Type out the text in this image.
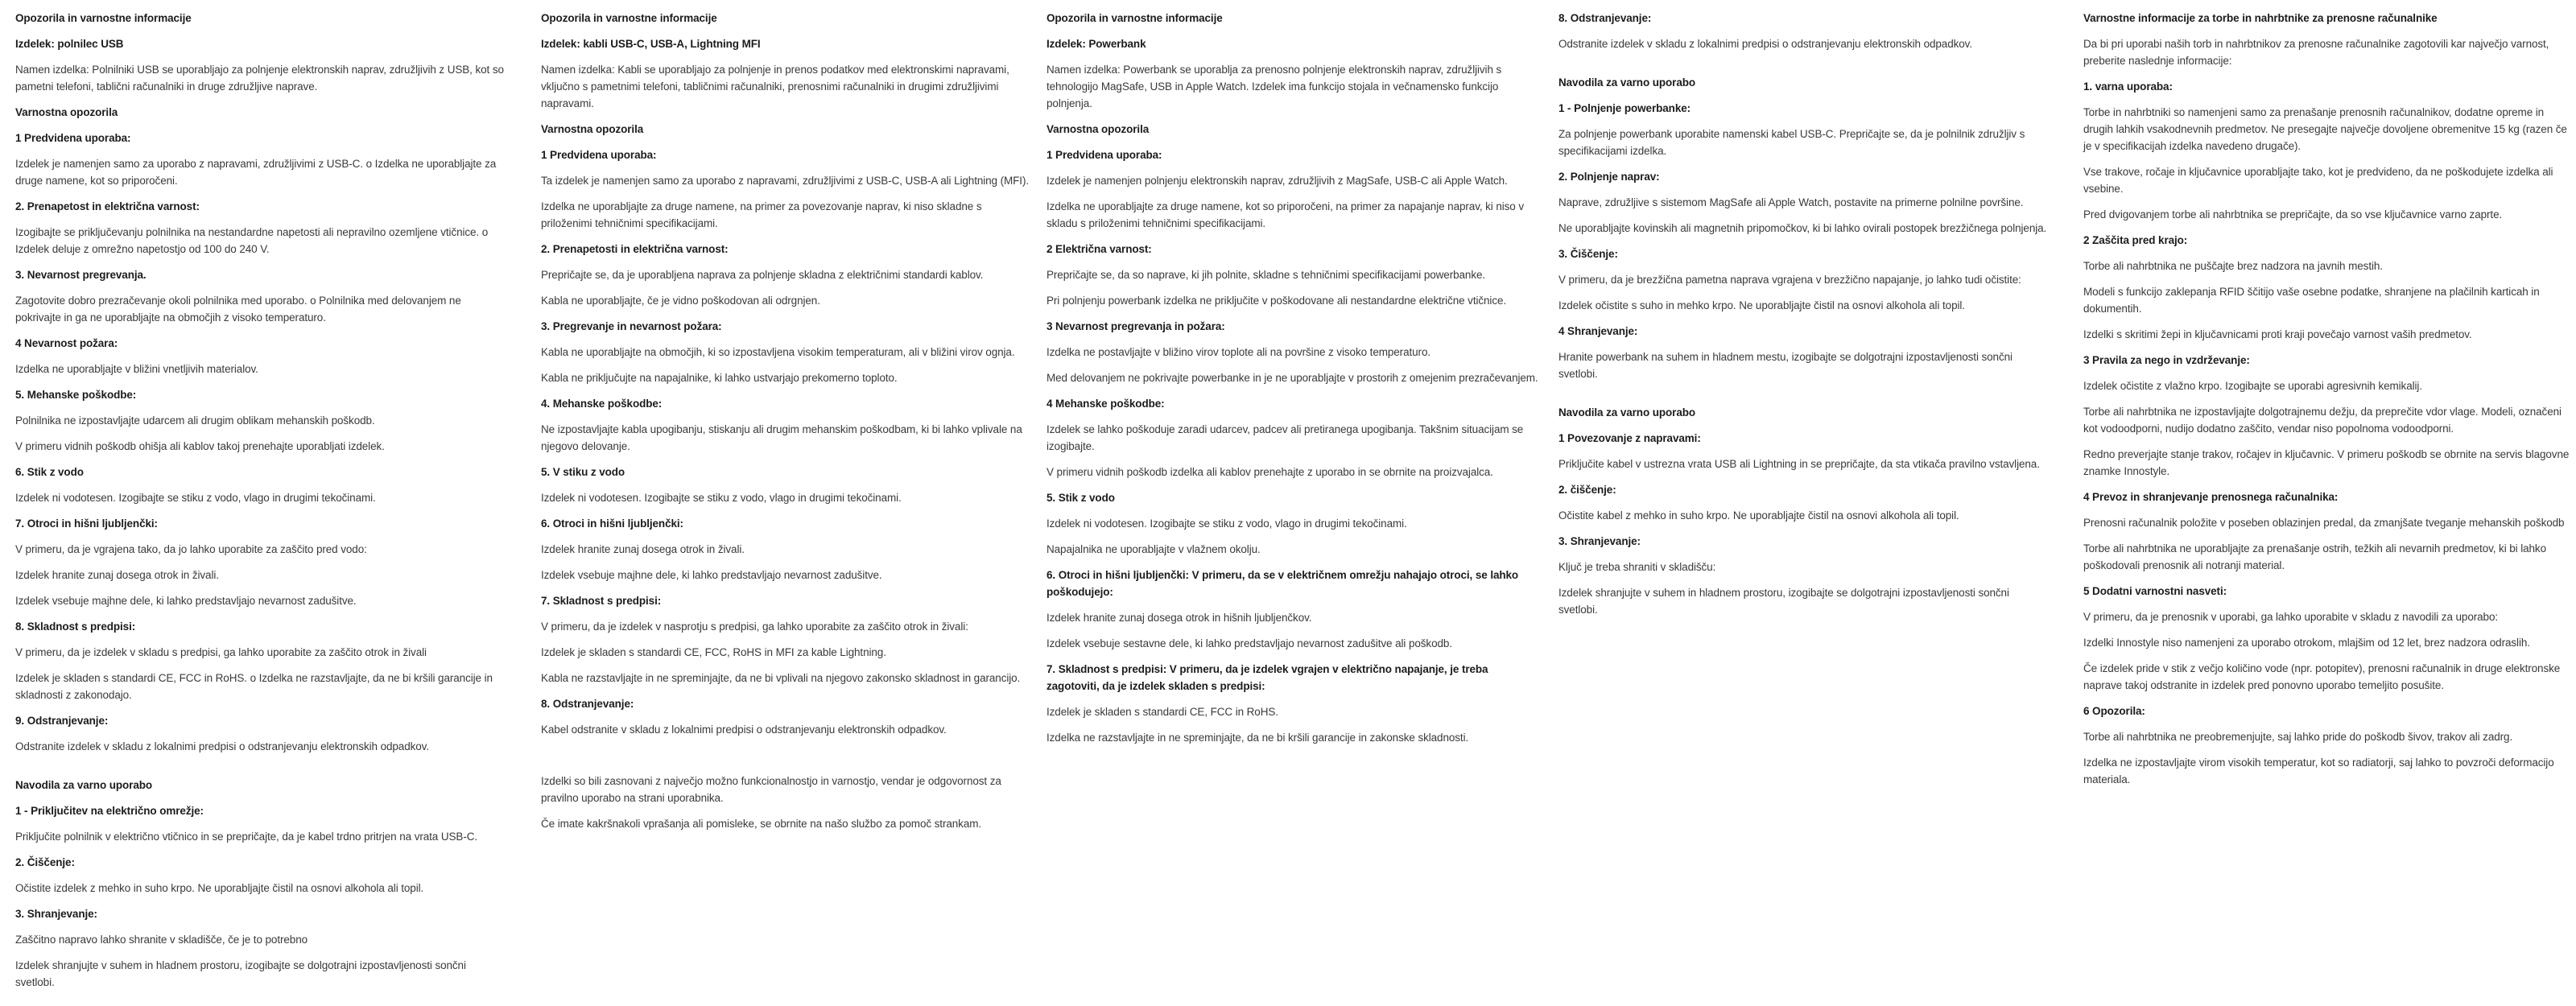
Opozorila in varnostne informacije
Izdelek: polnilec USB

Namen izdelka: Polnilniki USB se uporabljajo za polnjenje elektronskih naprav, združljivih z USB, kot so pametni telefoni, tablični računalniki in druge združljive naprave.

Varnostna opozorila
1 Predvidena uporaba:

Izdelek je namenjen samo za uporabo z napravami, združljivimi z USB-C. o Izdelka ne uporabljajte za druge namene, kot so priporočeni.

2. Prenapetost in električna varnost:

Izogibajte se priključevanju polnilnika na nestandardne napetosti ali nepravilno ozemljene vtičnice. o Izdelek deluje z omrežno napetostjo od 100 do 240 V.

3. Nevarnost pregrevanja.

Zagotovite dobro prezračevanje okoli polnilnika med uporabo. o Polnilnika med delovanjem ne pokrivajte in ga ne uporabljajte na območjih z visoko temperaturo.

4 Nevarnost požara:

Izdelka ne uporabljajte v bližini vnetljivih materialov.

5. Mehanske poškodbe:

Polnilnika ne izpostavljajte udarcem ali drugim oblikam mehanskih poškodb.

V primeru vidnih poškodb ohišja ali kablov takoj prenehajte uporabljati izdelek.

6. Stik z vodo

Izdelek ni vodotesen. Izogibajte se stiku z vodo, vlago in drugimi tekočinami.

7. Otroci in hišni ljubljenčki:

V primeru, da je vgrajena tako, da jo lahko uporabite za zaščito pred vodo:

Izdelek hranite zunaj dosega otrok in živali.

Izdelek vsebuje majhne dele, ki lahko predstavljajo nevarnost zadušitve.

8. Skladnost s predpisi:

V primeru, da je izdelek v skladu s predpisi, ga lahko uporabite za zaščito otrok in živali

Izdelek je skladen s standardi CE, FCC in RoHS. o Izdelka ne razstavljajte, da ne bi kršili garancije in skladnosti z zakonodajo.

9. Odstranjevanje:

Odstranite izdelek v skladu z lokalnimi predpisi o odstranjevanju elektronskih odpadkov.

Navodila za varno uporabo
1 - Priključitev na električno omrežje:

Priključite polnilnik v električno vtičnico in se prepričajte, da je kabel trdno pritrjen na vrata USB-C.

2. Čiščenje:

Očistite izdelek z mehko in suho krpo. Ne uporabljajte čistil na osnovi alkohola ali topil.

3. Shranjevanje:

Zaščitno napravo lahko shranite v skladišče, če je to potrebno

Izdelek shranjujte v suhem in hladnem prostoru, izogibajte se dolgotrajni izpostavljenosti sončni svetlobi.

Opozorila in varnostne informacije
Izdelek: kabli USB-C, USB-A, Lightning MFI

Namen izdelka: Kabli se uporabljajo za polnjenje in prenos podatkov med elektronskimi napravami, vključno s pametnimi telefoni, tabličnimi računalniki, prenosnimi računalniki in drugimi združljivimi napravami.

Varnostna opozorila
1 Predvidena uporaba:

Ta izdelek je namenjen samo za uporabo z napravami, združljivimi z USB-C, USB-A ali Lightning (MFI).

Izdelka ne uporabljajte za druge namene, na primer za povezovanje naprav, ki niso skladne s priloženimi tehničnimi specifikacijami.

2. Prenapetosti in električna varnost:

Prepričajte se, da je uporabljena naprava za polnjenje skladna z električnimi standardi kablov.

Kabla ne uporabljajte, če je vidno poškodovan ali odrgnjen.

3. Pregrevanje in nevarnost požara:

Kabla ne uporabljajte na območjih, ki so izpostavljena visokim temperaturam, ali v bližini virov ognja.

Kabla ne priključujte na napajalnike, ki lahko ustvarjajo prekomerno toploto.

4. Mehanske poškodbe:

Ne izpostavljajte kabla upogibanju, stiskanju ali drugim mehanskim poškodbam, ki bi lahko vplivale na njegovo delovanje.

5. V stiku z vodo

Izdelek ni vodotesen. Izogibajte se stiku z vodo, vlago in drugimi tekočinami.

6. Otroci in hišni ljubljenčki:

Izdelek hranite zunaj dosega otrok in živali.

Izdelek vsebuje majhne dele, ki lahko predstavljajo nevarnost zadušitve.

7. Skladnost s predpisi:

V primeru, da je izdelek v nasprotju s predpisi, ga lahko uporabite za zaščito otrok in živali:

Izdelek je skladen s standardi CE, FCC, RoHS in MFI za kable Lightning.

Kabla ne razstavljajte in ne spreminjajte, da ne bi vplivali na njegovo zakonsko skladnost in garancijo.

8. Odstranjevanje:

Kabel odstranite v skladu z lokalnimi predpisi o odstranjevanju elektronskih odpadkov.

Izdelki so bili zasnovani z največjo možno funkcionalnostjo in varnostjo, vendar je odgovornost za pravilno uporabo na strani uporabnika.

Če imate kakršnakoli vprašanja ali pomisleke, se obrnite na našo službo za pomoč strankam.

Opozorila in varnostne informacije
Izdelek: Powerbank

Namen izdelka: Powerbank se uporablja za prenosno polnjenje elektronskih naprav, združljivih s tehnologijo MagSafe, USB in Apple Watch. Izdelek ima funkcijo stojala in večnamensko funkcijo polnjenja.

Varnostna opozorila
1 Predvidena uporaba:

Izdelek je namenjen polnjenju elektronskih naprav, združljivih z MagSafe, USB-C ali Apple Watch.

Izdelka ne uporabljajte za druge namene, kot so priporočeni, na primer za napajanje naprav, ki niso v skladu s priloženimi tehničnimi specifikacijami.

2 Električna varnost:

Prepričajte se, da so naprave, ki jih polnite, skladne s tehničnimi specifikacijami powerbanke.

Pri polnjenju powerbank izdelka ne priključite v poškodovane ali nestandardne električne vtičnice.

3 Nevarnost pregrevanja in požara:

Izdelka ne postavljajte v bližino virov toplote ali na površine z visoko temperaturo.

Med delovanjem ne pokrivajte powerbanke in je ne uporabljajte v prostorih z omejenim prezračevanjem.

4 Mehanske poškodbe:

Izdelek se lahko poškoduje zaradi udarcev, padcev ali pretiranega upogibanja. Takšnim situacijam se izogibajte.

V primeru vidnih poškodb izdelka ali kablov prenehajte z uporabo in se obrnite na proizvajalca.

5. Stik z vodo

Izdelek ni vodotesen. Izogibajte se stiku z vodo, vlago in drugimi tekočinami.

Napajalnika ne uporabljajte v vlažnem okolju.

6. Otroci in hišni ljubljenčki: V primeru, da se v električnem omrežju nahajajo otroci, se lahko poškodujejo:

Izdelek hranite zunaj dosega otrok in hišnih ljubljenčkov.

Izdelek vsebuje sestavne dele, ki lahko predstavljajo nevarnost zadušitve ali poškodb.

7. Skladnost s predpisi: V primeru, da je izdelek vgrajen v električno napajanje, je treba zagotoviti, da je izdelek skladen s predpisi:

Izdelek je skladen s standardi CE, FCC in RoHS.

Izdelka ne razstavljajte in ne spreminjajte, da ne bi kršili garancije in zakonske skladnosti.

8. Odstranjevanje:

Odstranite izdelek v skladu z lokalnimi predpisi o odstranjevanju elektronskih odpadkov.

Navodila za varno uporabo
1 - Polnjenje powerbanke:

Za polnjenje powerbank uporabite namenski kabel USB-C. Prepričajte se, da je polnilnik združljiv s specifikacijami izdelka.

2. Polnjenje naprav:

Naprave, združljive s sistemom MagSafe ali Apple Watch, postavite na primerne polnilne površine.

Ne uporabljajte kovinskih ali magnetnih pripomočkov, ki bi lahko ovirali postopek brezžičnega polnjenja.

3. Čiščenje:

V primeru, da je brezžična pametna naprava vgrajena v brezžično napajanje, jo lahko tudi očistite:

Izdelek očistite s suho in mehko krpo. Ne uporabljajte čistil na osnovi alkohola ali topil.

4 Shranjevanje:

Hranite powerbank na suhem in hladnem mestu, izogibajte se dolgotrajni izpostavljenosti sončni svetlobi.

Navodila za varno uporabo
1 Povezovanje z napravami:

Priključite kabel v ustrezna vrata USB ali Lightning in se prepričajte, da sta vtikača pravilno vstavljena.

2. čiščenje:

Očistite kabel z mehko in suho krpo. Ne uporabljajte čistil na osnovi alkohola ali topil.

3. Shranjevanje:

Ključ je treba shraniti v skladišču:

Izdelek shranjujte v suhem in hladnem prostoru, izogibajte se dolgotrajni izpostavljenosti sončni svetlobi.

Varnostne informacije za torbe in nahrbtnike za prenosne računalnike

Da bi pri uporabi naših torb in nahrbtnikov za prenosne računalnike zagotovili kar največjo varnost, preberite naslednje informacije:

1. varna uporaba:

Torbe in nahrbtniki so namenjeni samo za prenašanje prenosnih računalnikov, dodatne opreme in drugih lahkih vsakodnevnih predmetov. Ne presegajte največje dovoljene obremenitve 15 kg (razen če je v specifikacijah izdelka navedeno drugače).

Vse trakove, ročaje in ključavnice uporabljajte tako, kot je predvideno, da ne poškodujete izdelka ali vsebine.

Pred dvigovanjem torbe ali nahrbtnika se prepričajte, da so vse ključavnice varno zaprte.

2 Zaščita pred krajo:

Torbe ali nahrbtnika ne puščajte brez nadzora na javnih mestih.

Modeli s funkcijo zaklepanja RFID ščitijo vaše osebne podatke, shranjene na plačilnih karticah in dokumentih.

Izdelki s skritimi žepi in ključavnicami proti kraji povečajo varnost vaših predmetov.

3 Pravila za nego in vzdrževanje:

Izdelek očistite z vlažno krpo. Izogibajte se uporabi agresivnih kemikalij.

Torbe ali nahrbtnika ne izpostavljajte dolgotrajnemu dežju, da preprečite vdor vlage. Modeli, označeni kot vodoodporni, nudijo dodatno zaščito, vendar niso popolnoma vodoodporni.

Redno preverjajte stanje trakov, ročajev in ključavnic. V primeru poškodb se obrnite na servis blagovne znamke Innostyle.

4 Prevoz in shranjevanje prenosnega računalnika:

Prenosni računalnik položite v poseben oblazinjen predal, da zmanjšate tveganje mehanskih poškodb

Torbe ali nahrbtnika ne uporabljajte za prenašanje ostrih, težkih ali nevarnih predmetov, ki bi lahko poškodovali prenosnik ali notranji material.

5 Dodatni varnostni nasveti:

V primeru, da je prenosnik v uporabi, ga lahko uporabite v skladu z navodili za uporabo:

Izdelki Innostyle niso namenjeni za uporabo otrokom, mlajšim od 12 let, brez nadzora odraslih.

Če izdelek pride v stik z večjo količino vode (npr. potopitev), prenosni računalnik in druge elektronske naprave takoj odstranite in izdelek pred ponovno uporabo temeljito posušite.

6 Opozorila:

Torbe ali nahrbtnika ne preobremenjujte, saj lahko pride do poškodb šivov, trakov ali zadrg.

Izdelka ne izpostavljajte virom visokih temperatur, kot so radiatorji, saj lahko to povzroči deformacijo materiala.
